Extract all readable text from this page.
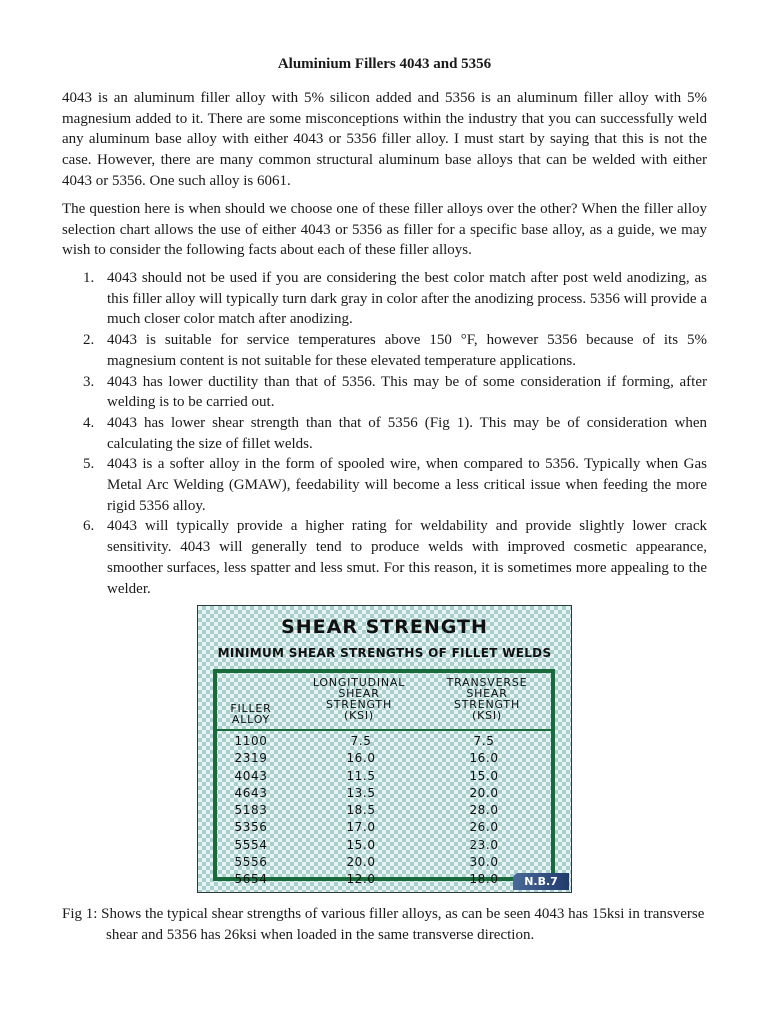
Aluminium Fillers 4043 and 5356

4043 is an aluminum filler alloy with 5% silicon added and 5356 is an aluminum filler alloy with 5% magnesium added to it. There are some misconceptions within the industry that you can successfully weld any aluminum base alloy with either 4043 or 5356 filler alloy. I must start by saying that this is not the case. However, there are many common structural aluminum base alloys that can be welded with either 4043 or 5356. One such alloy is 6061.

The question here is when should we choose one of these filler alloys over the other? When the filler alloy selection chart allows the use of either 4043 or 5356 as filler for a specific base alloy, as a guide, we may wish to consider the following facts about each of these filler alloys.

1. 4043 should not be used if you are considering the best color match after post weld anodizing, as this filler alloy will typically turn dark gray in color after the anodizing process. 5356 will provide a much closer color match after anodizing.
2. 4043 is suitable for service temperatures above 150 °F, however 5356 because of its 5% magnesium content is not suitable for these elevated temperature applications.
3. 4043 has lower ductility than that of 5356. This may be of some consideration if forming, after welding is to be carried out.
4. 4043 has lower shear strength than that of 5356 (Fig 1). This may be of consideration when calculating the size of fillet welds.
5. 4043 is a softer alloy in the form of spooled wire, when compared to 5356. Typically when Gas Metal Arc Welding (GMAW), feedability will become a less critical issue when feeding the more rigid 5356 alloy.
6. 4043 will typically provide a higher rating for weldability and provide slightly lower crack sensitivity. 4043 will generally tend to produce welds with improved cosmetic appearance, smoother surfaces, less spatter and less smut. For this reason, it is sometimes more appealing to the welder.

Fig 1: Shows the typical shear strengths of various filler alloys, as can be seen 4043 has 15ksi in transverse shear and 5356 has 26ksi when loaded in the same transverse direction.

SHEAR STRENGTH
MINIMUM SHEAR STRENGTHS OF FILLET WELDS
FILLER
ALLOY
LONGITUDINAL
SHEAR
STRENGTH
(KSI)
TRANSVERSE
SHEAR
STRENGTH
(KSI)
1100	7.5	7.5
2319	16.0	16.0
4043	11.5	15.0
4643	13.5	20.0
5183	18.5	28.0
5356	17.0	26.0
5554	15.0	23.0
5556	20.0	30.0
5654	12.0	18.0	N.B.7
